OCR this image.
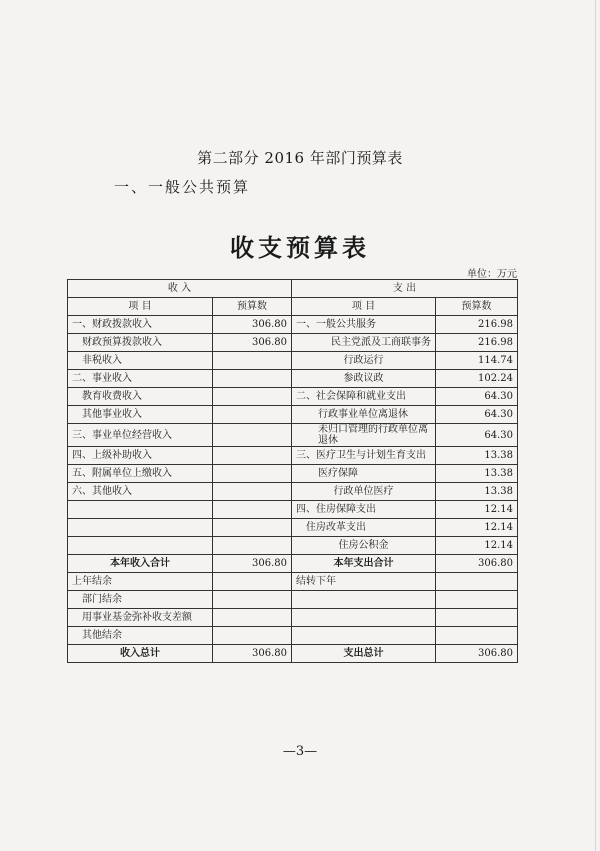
第二部分 2016 年部门预算表
一、一般公共预算
收支预算表
单位：万元
收 入		支 出	
项 目	预算数	项 目	预算数
一、财政拨款收入	306.80	一、一般公共服务	216.98
财政预算拨款收入	306.80	民主党派及工商联事务	216.98
非税收入		行政运行	114.74
二、事业收入		参政议政	102.24
教育收费收入		二、社会保障和就业支出	64.30
其他事业收入		行政事业单位离退休	64.30
三、事业单位经营收入		未归口管理的行政单位离退休	64.30
四、上级补助收入		三、医疗卫生与计划生育支出	13.38
五、附属单位上缴收入		医疗保障	13.38
六、其他收入		行政单位医疗	13.38
		四、住房保障支出	12.14
		住房改革支出	12.14
		住房公积金	12.14
本年收入合计	306.80	本年支出合计	306.80
上年结余		结转下年	
部门结余			
用事业基金弥补收支差额			
其他结余			
收入总计	306.80	支出总计	306.80
—3—
